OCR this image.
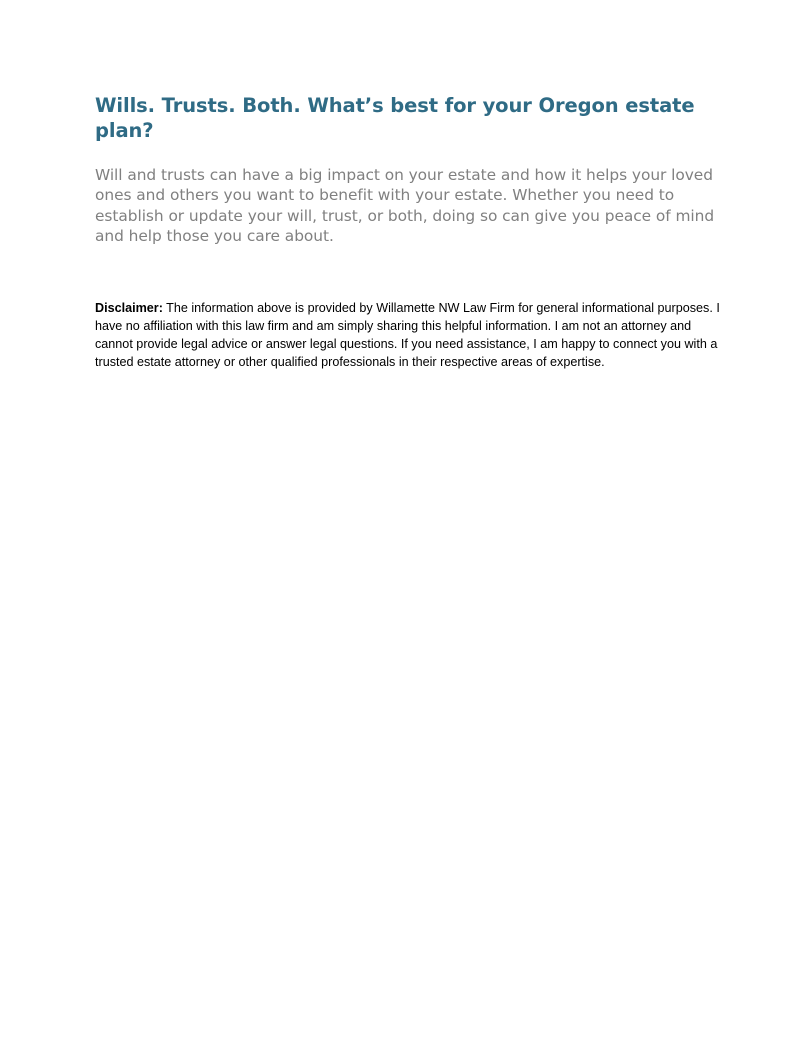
Wills. Trusts. Both. What’s best for your Oregon estate plan?

Will and trusts can have a big impact on your estate and how it helps your loved ones and others you want to benefit with your estate. Whether you need to establish or update your will, trust, or both, doing so can give you peace of mind and help those you care about.

Disclaimer: The information above is provided by Willamette NW Law Firm for general informational purposes. I have no affiliation with this law firm and am simply sharing this helpful information. I am not an attorney and cannot provide legal advice or answer legal questions. If you need assistance, I am happy to connect you with a trusted estate attorney or other qualified professionals in their respective areas of expertise.
